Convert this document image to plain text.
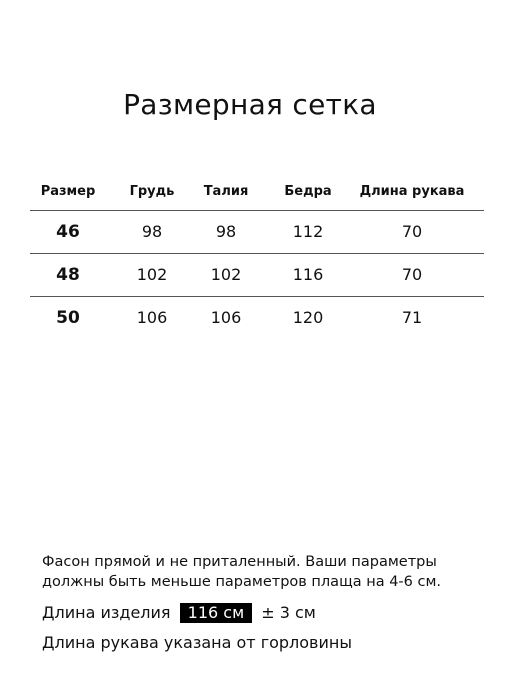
Размерная сетка
Размер	Грудь	Талия	Бедра	Длина рукава
46	98	98	112	70
48	102	102	116	70
50	106	106	120	71

Фасон прямой и не приталенный. Ваши параметры должны быть меньше параметров плаща на 4-6 см.

Длина изделия 116 см ± 3 см

Длина рукава указана от горловины
